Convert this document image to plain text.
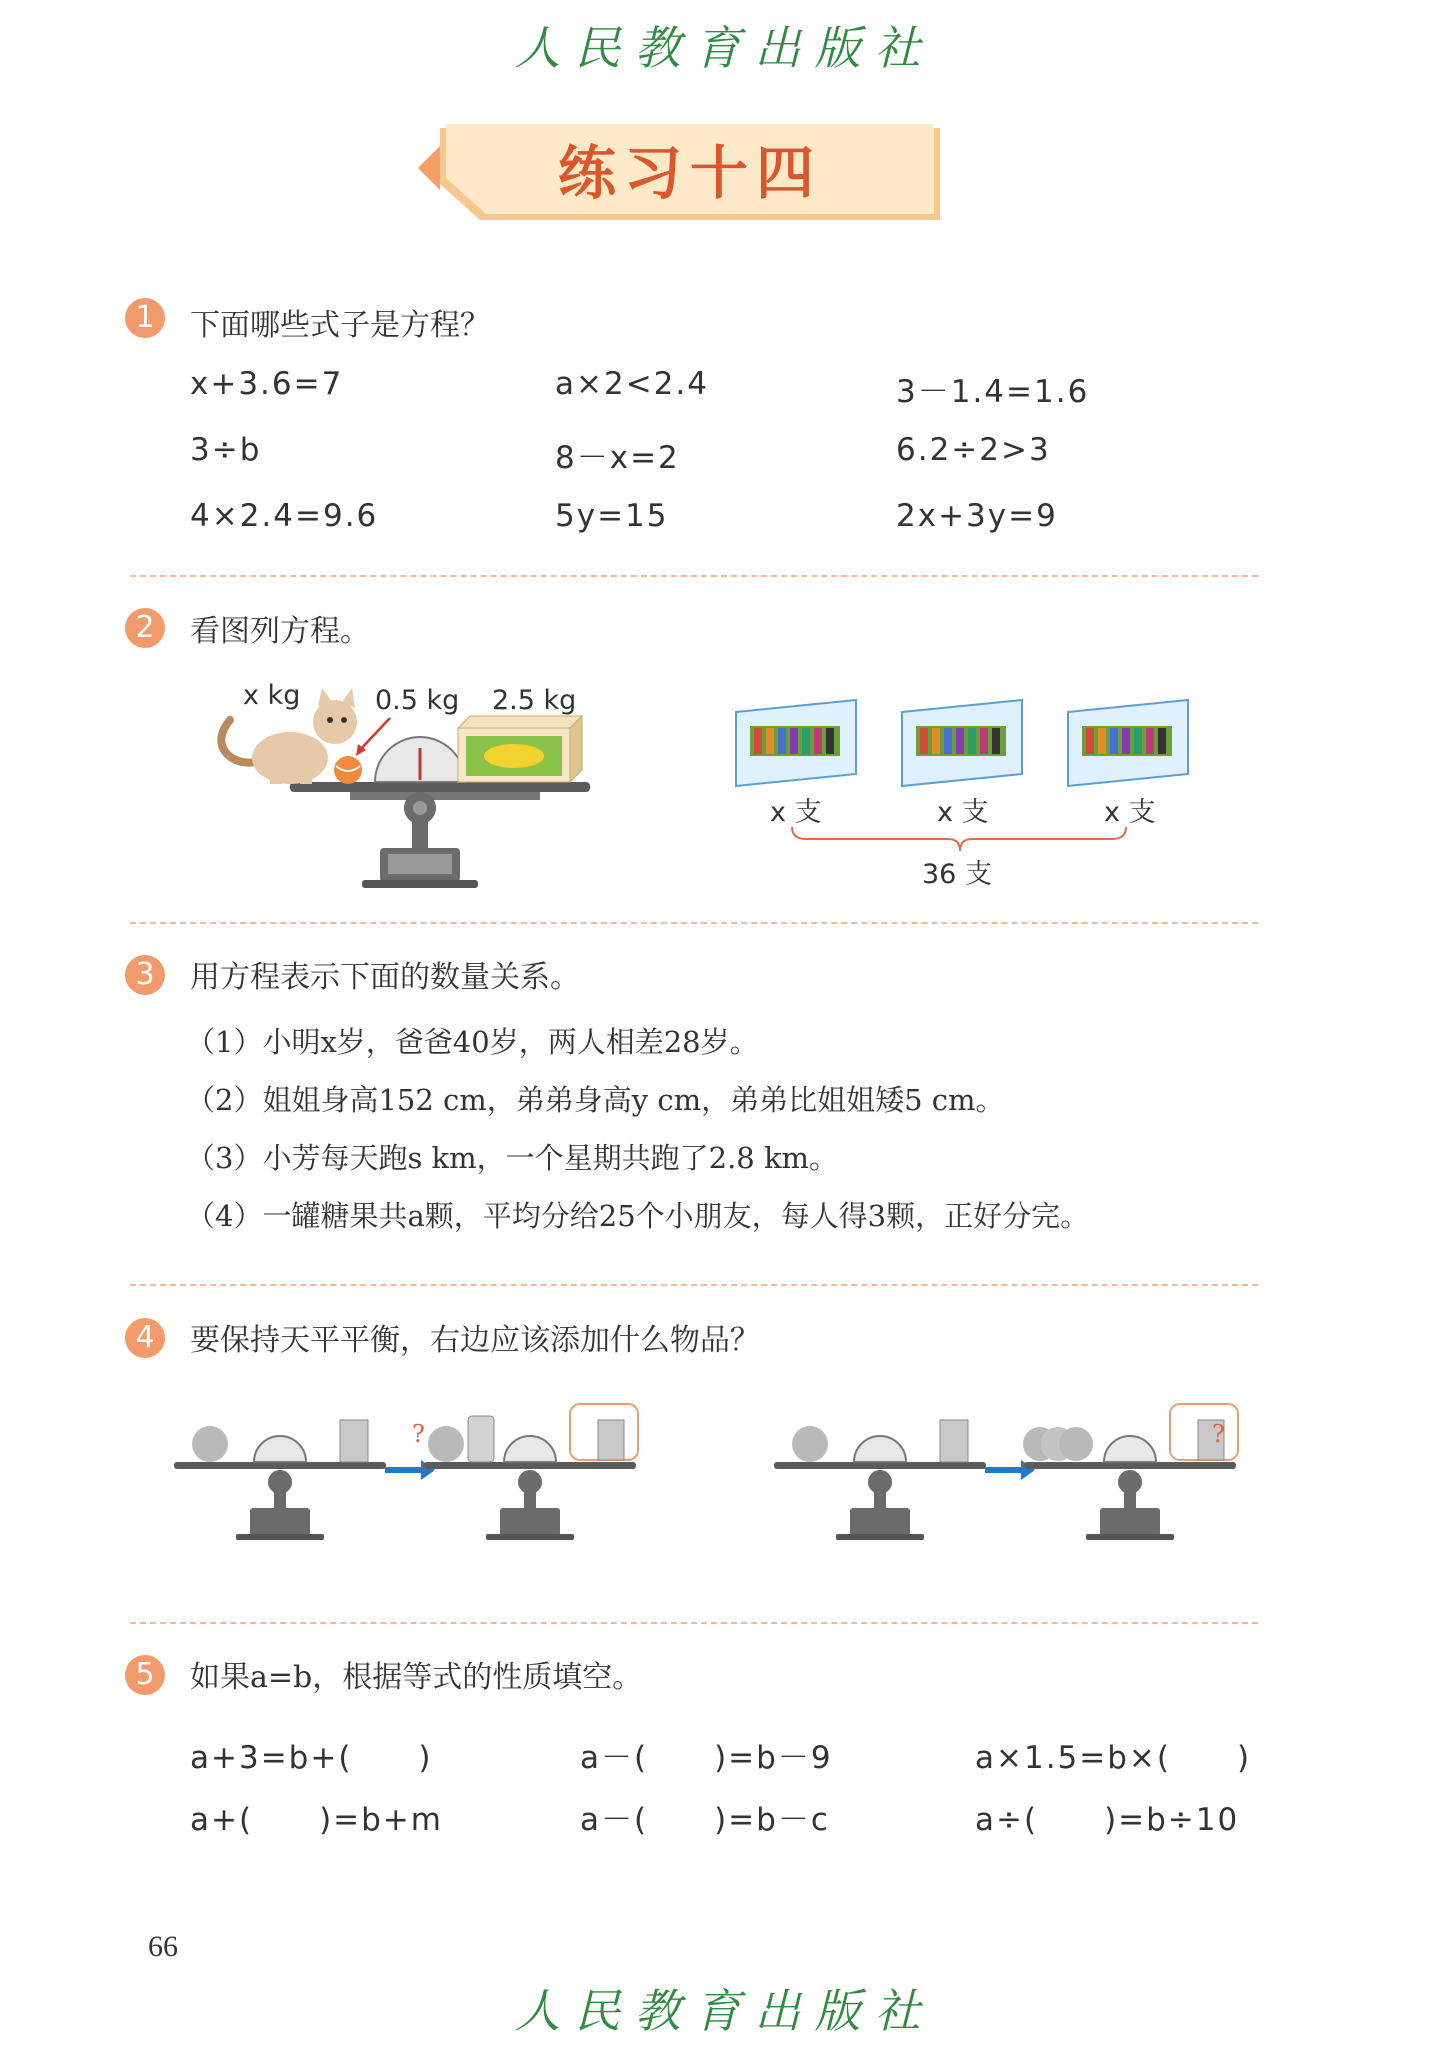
人民教育出版社
练习十四
1	下面哪些式子是方程？
x+3.6=7	a×2<2.4	3－1.4=1.6
3÷b	8－x=2	6.2÷2>3
4×2.4=9.6	5y=15	2x+3y=9
2	看图列方程。
x kg	0.5 kg 2.5 kg
x 支	x 支	x 支
36 支
3	用方程表示下面的数量关系。
（1）小明x岁，爸爸40岁，两人相差28岁。
（2）姐姐身高152 cm，弟弟身高y cm，弟弟比姐姐矮5 cm。
（3）小芳每天跑s km，一个星期共跑了2.8 km。
（4）一罐糖果共a颗，平均分给25个小朋友，每人得3颗，正好分完。
4	要保持天平平衡，右边应该添加什么物品？
?	?
5	如果a=b，根据等式的性质填空。
a+3=b+(　　)	a－(　　)=b－9	a×1.5=b×(　　)
a+(　　)=b+m	a－(　　)=b－c	a÷(　　)=b÷10
66
人民教育出版社
